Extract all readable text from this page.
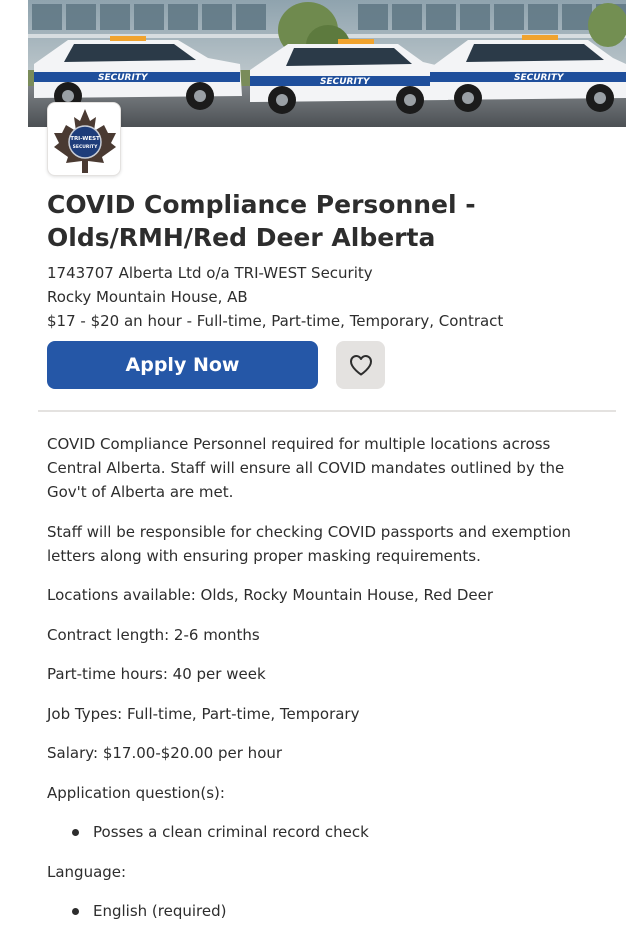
SECURITY	SECURITY	SECURITY
TRI-WEST
SECURITY
COVID Compliance Personnel -
Olds/RMH/Red Deer Alberta
1743707 Alberta Ltd o/a TRI-WEST Security
Rocky Mountain House, AB
$17 - $20 an hour - Full-time, Part-time, Temporary, Contract
Apply Now

COVID Compliance Personnel required for multiple locations across Central Alberta. Staff will ensure all COVID mandates outlined by the Gov't of Alberta are met.

Staff will be responsible for checking COVID passports and exemption letters along with ensuring proper masking requirements.

Locations available: Olds, Rocky Mountain House, Red Deer

Contract length: 2-6 months

Part-time hours: 40 per week

Job Types: Full-time, Part-time, Temporary

Salary: $17.00-$20.00 per hour

Application question(s):

Posses a clean criminal record check

Language:

English (required)
